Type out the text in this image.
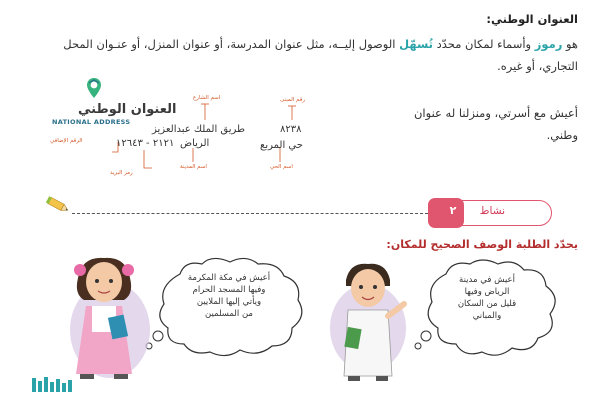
العنوان الوطني:
هو رموز وأسماء لمكان محدّد تُسهّل الوصول إليــه، مثل عنوان المدرسة، أو عنوان المنزل، أو عنـوان المحل التجاري، أو غيره.
أعيش مع أسرتي، ومنزلنا له عنوان وطني.
رقم المبنى
اسم الشارع
الرقم الإضافي
رمز البريد
اسم المدينة	اسم الحي
٨٢٣٨
طريق الملك عبدالعزيز
حي المربع
الرياض
٢١٢١ - ١٢٦٤٣
العنوان الوطني
NATIONAL ADDRESS
نشاط
٢
يحدّد الطلبة الوصف الصحيح للمكان:
أعيش في مكة المكرمة
وفيها المسجد الحرام
ويأتي إليها الملايين
من المسلمين
أعيش في مدينة
الرياض وفيها
قليل من السكان
والمباني
